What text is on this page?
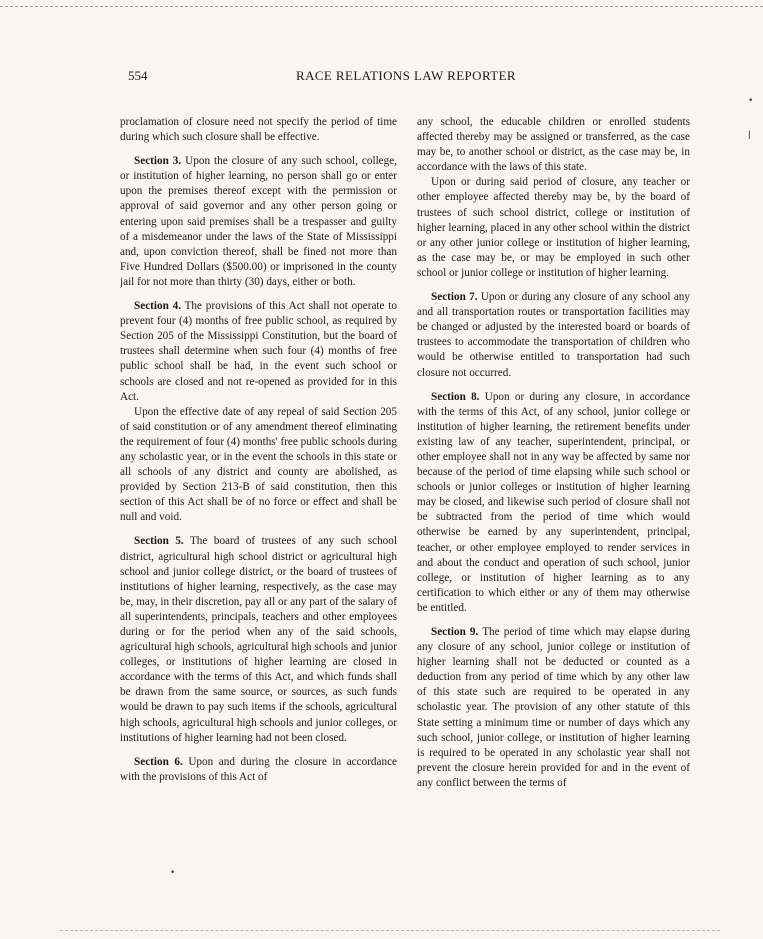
554	RACE RELATIONS LAW REPORTER

proclamation of closure need not specify the period of time during which such closure shall be effective.

Section 3. Upon the closure of any such school, college, or institution of higher learning, no person shall go or enter upon the premises thereof except with the permission or approval of said governor and any other person going or entering upon said premises shall be a trespasser and guilty of a misdemeanor under the laws of the State of Mississippi and, upon conviction thereof, shall be fined not more than Five Hundred Dollars ($500.00) or imprisoned in the county jail for not more than thirty (30) days, either or both.

Section 4. The provisions of this Act shall not operate to prevent four (4) months of free public school, as required by Section 205 of the Mississippi Constitution, but the board of trustees shall determine when such four (4) months of free public school shall be had, in the event such school or schools are closed and not re-opened as provided for in this Act.

Upon the effective date of any repeal of said Section 205 of said constitution or of any amendment thereof eliminating the requirement of four (4) months' free public schools during any scholastic year, or in the event the schools in this state or all schools of any district and county are abolished, as provided by Section 213-B of said constitution, then this section of this Act shall be of no force or effect and shall be null and void.

Section 5. The board of trustees of any such school district, agricultural high school district or agricultural high school and junior college district, or the board of trustees of institutions of higher learning, respectively, as the case may be, may, in their discretion, pay all or any part of the salary of all superintendents, principals, teachers and other employees during or for the period when any of the said schools, agricultural high schools, agricultural high schools and junior colleges, or institutions of higher learning are closed in accordance with the terms of this Act, and which funds shall be drawn from the same source, or sources, as such funds would be drawn to pay such items if the schools, agricultural high schools, agricultural high schools and junior colleges, or institutions of higher learning had not been closed.

Section 6. Upon and during the closure in accordance with the provisions of this Act of

any school, the educable children or enrolled students affected thereby may be assigned or transferred, as the case may be, to another school or district, as the case may be, in accordance with the laws of this state.

Upon or during said period of closure, any teacher or other employee affected thereby may be, by the board of trustees of such school district, college or institution of higher learning, placed in any other school within the district or any other junior college or institution of higher learning, as the case may be, or may be employed in such other school or junior college or institution of higher learning.

Section 7. Upon or during any closure of any school any and all transportation routes or transportation facilities may be changed or adjusted by the interested board or boards of trustees to accommodate the transportation of children who would be otherwise entitled to transportation had such closure not occurred.

Section 8. Upon or during any closure, in accordance with the terms of this Act, of any school, junior college or institution of higher learning, the retirement benefits under existing law of any teacher, superintendent, principal, or other employee shall not in any way be affected by same nor because of the period of time elapsing while such school or schools or junior colleges or institution of higher learning may be closed, and likewise such period of closure shall not be subtracted from the period of time which would otherwise be earned by any superintendent, principal, teacher, or other employee employed to render services in and about the conduct and operation of such school, junior college, or institution of higher learning as to any certification to which either or any of them may otherwise be entitled.

Section 9. The period of time which may elapse during any closure of any school, junior college or institution of higher learning shall not be deducted or counted as a deduction from any period of time which by any other law of this state such are required to be operated in any scholastic year. The provision of any other statute of this State setting a minimum time or number of days which any such school, junior college, or institution of higher learning is required to be operated in any scholastic year shall not prevent the closure herein provided for and in the event of any conflict between the terms of

•
ǀ
•
